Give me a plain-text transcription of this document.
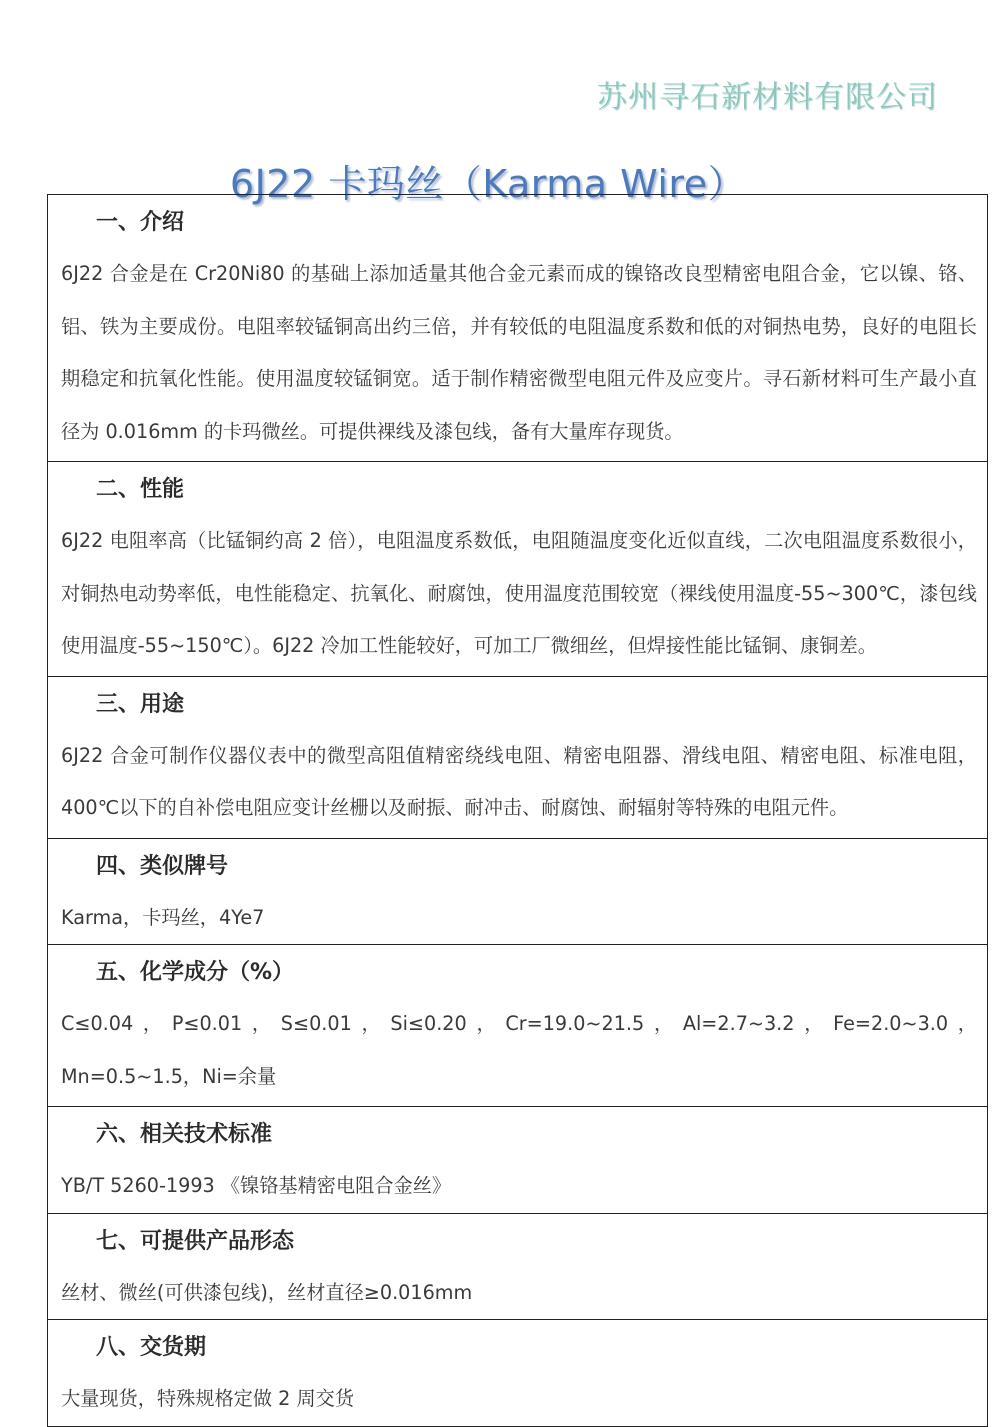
苏州寻石新材料有限公司
6J22 卡玛丝（Karma Wire）
一、介绍

6J22 合金是在 Cr20Ni80 的基础上添加适量其他合金元素而成的镍铬改良型精密电阻合金，它以镍、铬、铝、铁为主要成份。电阻率较锰铜高出约三倍，并有较低的电阻温度系数和低的对铜热电势，良好的电阻长期稳定和抗氧化性能。使用温度较锰铜宽。适于制作精密微型电阻元件及应变片。寻石新材料可生产最小直径为 0.016mm 的卡玛微丝。可提供裸线及漆包线，备有大量库存现货。

二、性能

6J22 电阻率高（比锰铜约高 2 倍），电阻温度系数低，电阻随温度变化近似直线，二次电阻温度系数很小，对铜热电动势率低，电性能稳定、抗氧化、耐腐蚀，使用温度范围较宽（裸线使用温度-55~300℃，漆包线使用温度-55~150℃）。6J22 冷加工性能较好，可加工厂微细丝，但焊接性能比锰铜、康铜差。

三、用途

6J22 合金可制作仪器仪表中的微型高阻值精密绕线电阻、精密电阻器、滑线电阻、精密电阻、标准电阻，400℃以下的自补偿电阻应变计丝栅以及耐振、耐冲击、耐腐蚀、耐辐射等特殊的电阻元件。

四、类似牌号

Karma，卡玛丝，4Ye7

五、化学成分（%）

C≤0.04，P≤0.01，S≤0.01，Si≤0.20，Cr=19.0~21.5，Al=2.7~3.2，Fe=2.0~3.0，Mn=0.5~1.5，Ni=余量

六、相关技术标准

YB/T 5260-1993 《镍铬基精密电阻合金丝》

七、可提供产品形态

丝材、微丝(可供漆包线)，丝材直径≥0.016mm

八、交货期

大量现货，特殊规格定做 2 周交货
